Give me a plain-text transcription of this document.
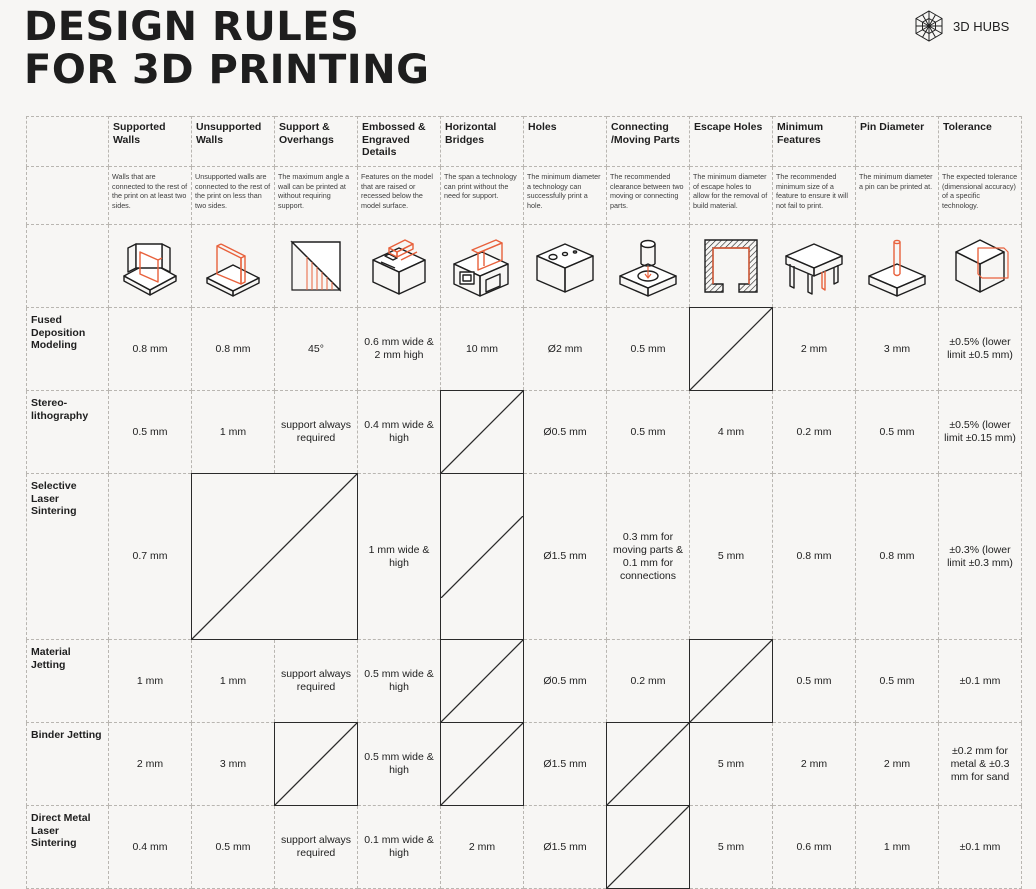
DESIGN RULES
FOR 3D PRINTING
3D HUBS
	Supported Walls	Unsupported Walls	Support & Overhangs	Embossed & Engraved Details	Horizontal Bridges	Holes	Connecting /Moving Parts	Escape Holes	Minimum Features	Pin Diameter	Tolerance
	Walls that are connected to the rest of the print on at least two sides.	Unsupported walls are connected to the rest of the print on less than two sides.	The maximum angle a wall can be printed at without requiring support.	Features on the model that are raised or recessed below the model surface.	The span a technology can print without the need for support.	The minimum diameter a technology can successfully print a hole.	The recommended clearance between two moving or connecting parts.	The minimum diameter of escape holes to allow for the removal of build material.	The recommended minimum size of a feature to ensure it will not fail to print.	The minimum diameter a pin can be printed at.	The expected tolerance (dimensional accuracy) of a specific technology.

Fused Deposition Modeling	0.8 mm	0.8 mm	45°	0.6 mm wide & 2 mm high	10 mm	Ø2 mm	0.5 mm		2 mm	3 mm	±0.5% (lower limit ±0.5 mm)
Stereo- lithography	0.5 mm	1 mm	support always required	0.4 mm wide & high		Ø0.5 mm	0.5 mm	4 mm	0.2 mm	0.5 mm	±0.5% (lower limit ±0.15 mm)
Selective Laser Sintering	0.7 mm			1 mm wide & high		Ø1.5 mm	0.3 mm for moving parts & 0.1 mm for connections	5 mm	0.8 mm	0.8 mm	±0.3% (lower limit ±0.3 mm)
Material Jetting	1 mm	1 mm	support always required	0.5 mm wide & high		Ø0.5 mm	0.2 mm		0.5 mm	0.5 mm	±0.1 mm
Binder Jetting	2 mm	3 mm		0.5 mm wide & high		Ø1.5 mm		5 mm	2 mm	2 mm	±0.2 mm for metal & ±0.3 mm for sand
Direct Metal Laser Sintering	0.4 mm	0.5 mm	support always required	0.1 mm wide & high	2 mm	Ø1.5 mm		5 mm	0.6 mm	1 mm	±0.1 mm
